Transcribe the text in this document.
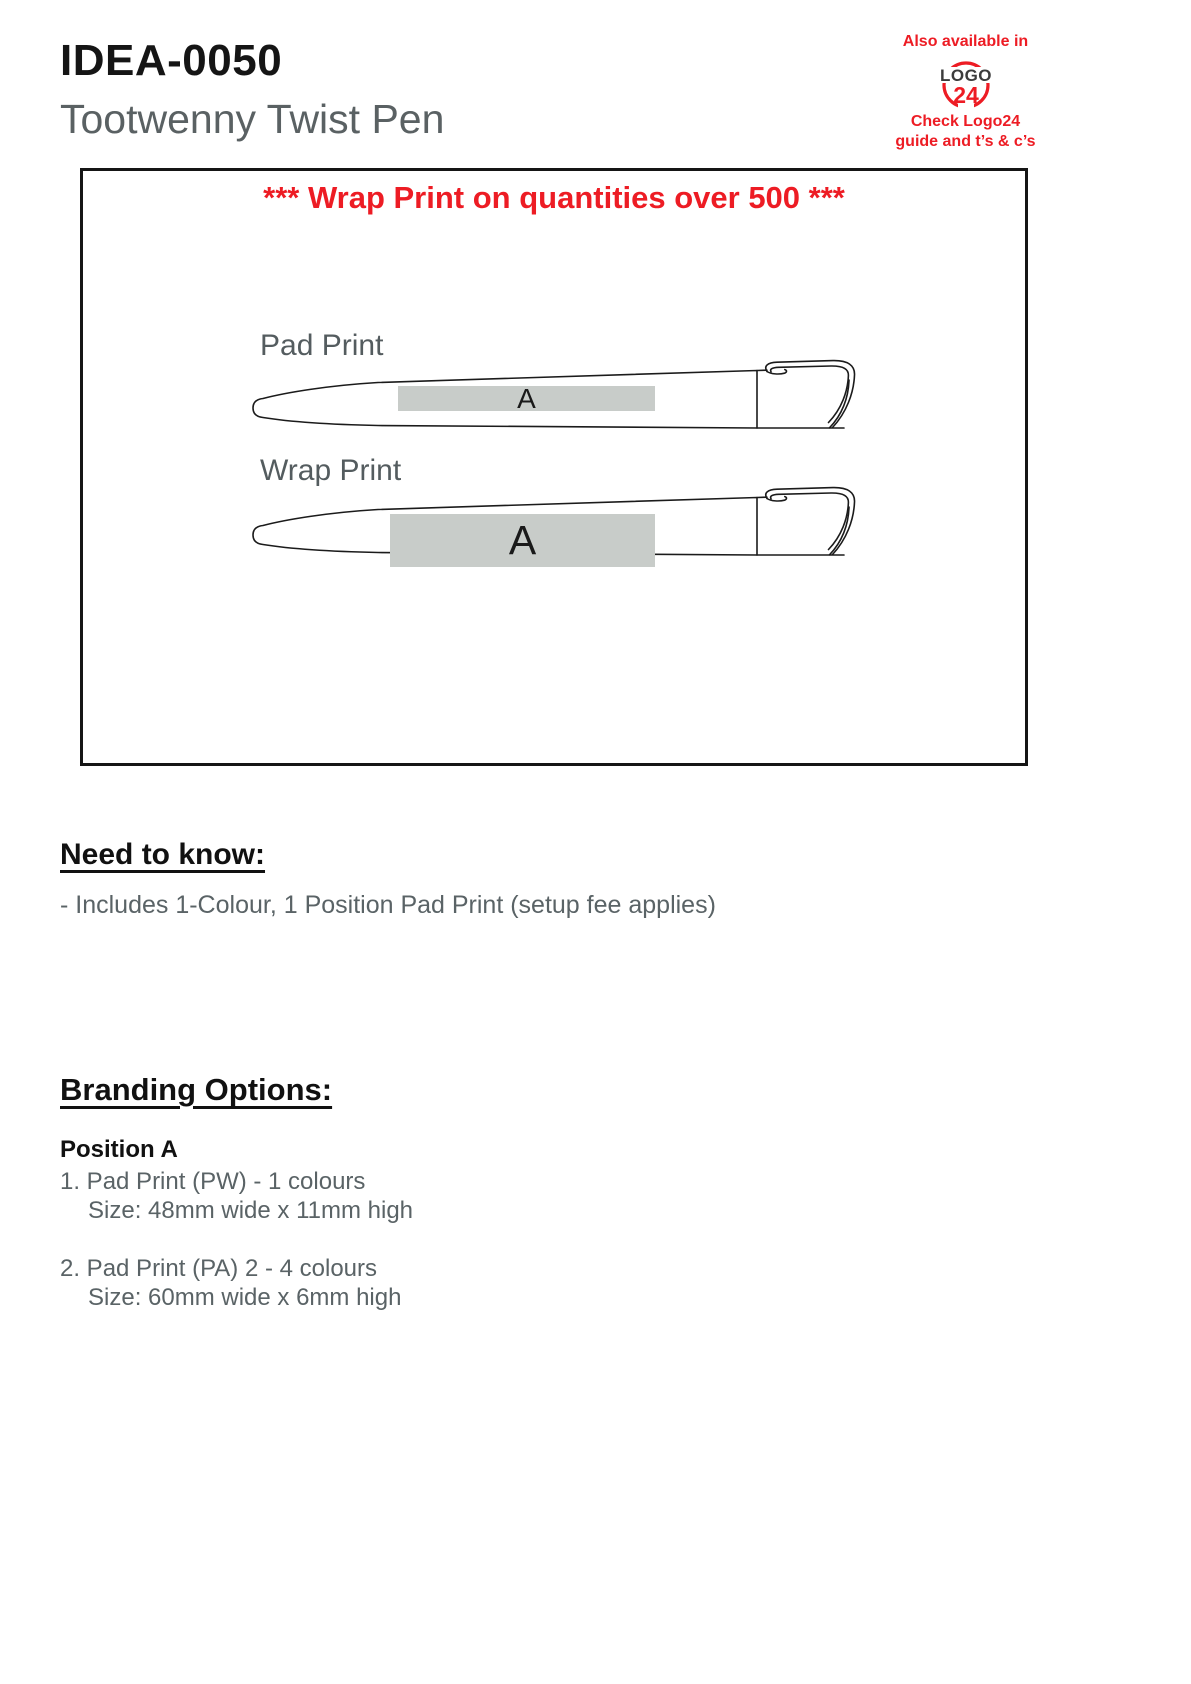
IDEA-0050
Tootwenny Twist Pen
Also available in
LOGO
24
Check Logo24
guide and t’s & c’s
*** Wrap Print on quantities over 500 ***
Pad Print
A
Wrap Print
A
Need to know:
- Includes 1-Colour, 1 Position Pad Print (setup fee applies)
Branding Options:
Position A
1. Pad Print (PW) - 1 colours
Size: 48mm wide x 11mm high
2. Pad Print (PA) 2 - 4 colours
Size: 60mm wide x 6mm high
